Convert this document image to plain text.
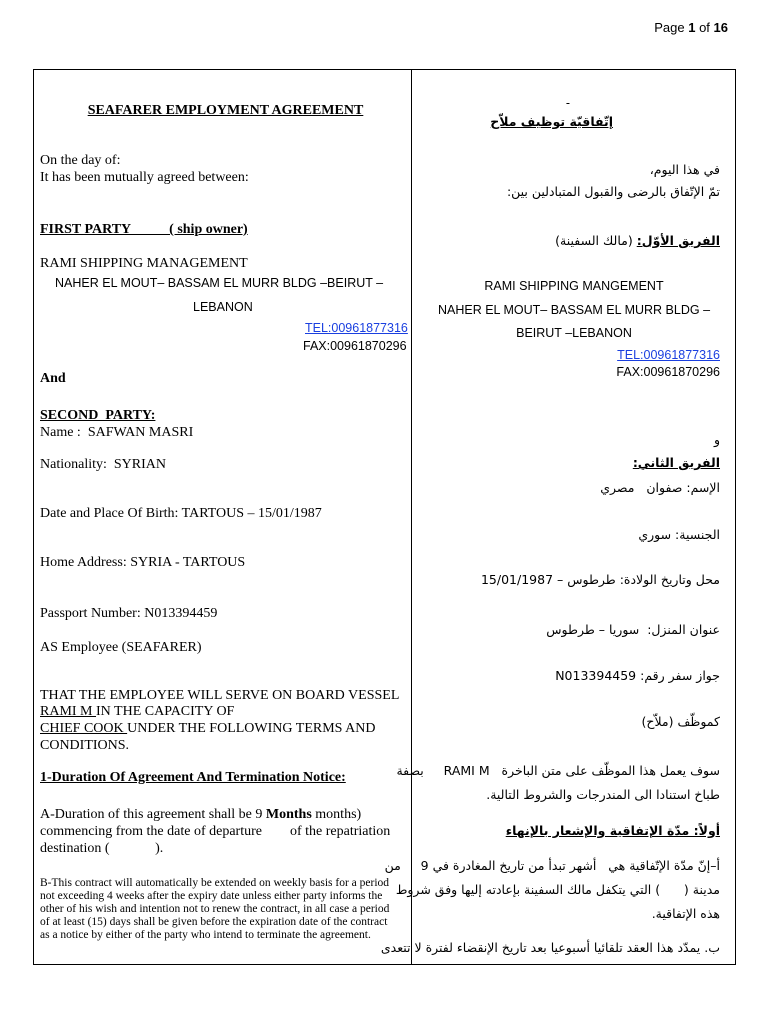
Page 1 of 16
SEAFARER EMPLOYMENT AGREEMENT
On the day of:
It has been mutually agreed between:
FIRST PARTY           ( ship owner)
RAMI SHIPPING MANAGEMENT
NAHER EL MOUT– BASSAM EL MURR BLDG –BEIRUT –
LEBANON
TEL:00961877316
FAX:00961870296
And
SECOND  PARTY:
Name :  SAFWAN MASRI
Nationality:  SYRIAN
Date and Place Of Birth: TARTOUS – 15/01/1987
Home Address: SYRIA - TARTOUS
Passport Number: N013394459
AS Employee (SEAFARER)
THAT THE EMPLOYEE WILL SERVE ON BOARD VESSEL
RAMI M IN THE CAPACITY OF
CHIEF COOK UNDER THE FOLLOWING TERMS AND
CONDITIONS.
1-Duration Of Agreement And Termination Notice:
A-Duration of this agreement shall be 9 Months months)
commencing from the date of departure        of the repatriation
destination (             ).
B-This contract will automatically be extended on weekly basis for a period not exceeding 4 weeks after the expiry date unless either party informs the other of his wish and intention not to renew the contract, in all case a period of at least (15) days shall be given before the expiration date of the contract as a notice by either of the party who intend to terminate the agreement.
-
إتّفاقيّة توظيف ملاّح
في هذا اليوم،
تمّ الإتّفاق بالرضى والقبول المتبادلين بين:
الفريق الأوّل: (مالك السفينة)
RAMI SHIPPING MANGEMENT
NAHER EL MOUT– BASSAM EL MURR BLDG –
BEIRUT –LEBANON
TEL:00961877316
FAX:00961870296
و
الفريق الثاني:
الإسم: صفوان   مصري
الجنسية: سوري
محل وتاريخ الولادة: طرطوس – 15/01/1987
عنوان المنزل:  سوريا – طرطوس
جواز سفر رقم: N013394459
كموظّف (ملاّح)
سوف يعمل هذا الموظّف على متن الباخرة   RAMI M     بصفة
طباخ استنادا الى المندرجات والشروط التالية.
أولاً: مدّة الإتفاقية والإشعار بالإنهاء
أ–إنّ مدّة الإتّفاقية هي   أشهر تبدأ من تاريخ المغادرة في 9     من
مدينة (      ) التي يتكفل مالك السفينة بإعادته إليها وفق شروط
هذه الإتفاقية.
ب. يمدّد هذا العقد تلقائيا أسبوعيا بعد تاريخ الإنقضاء لفترة لا تتعدى
